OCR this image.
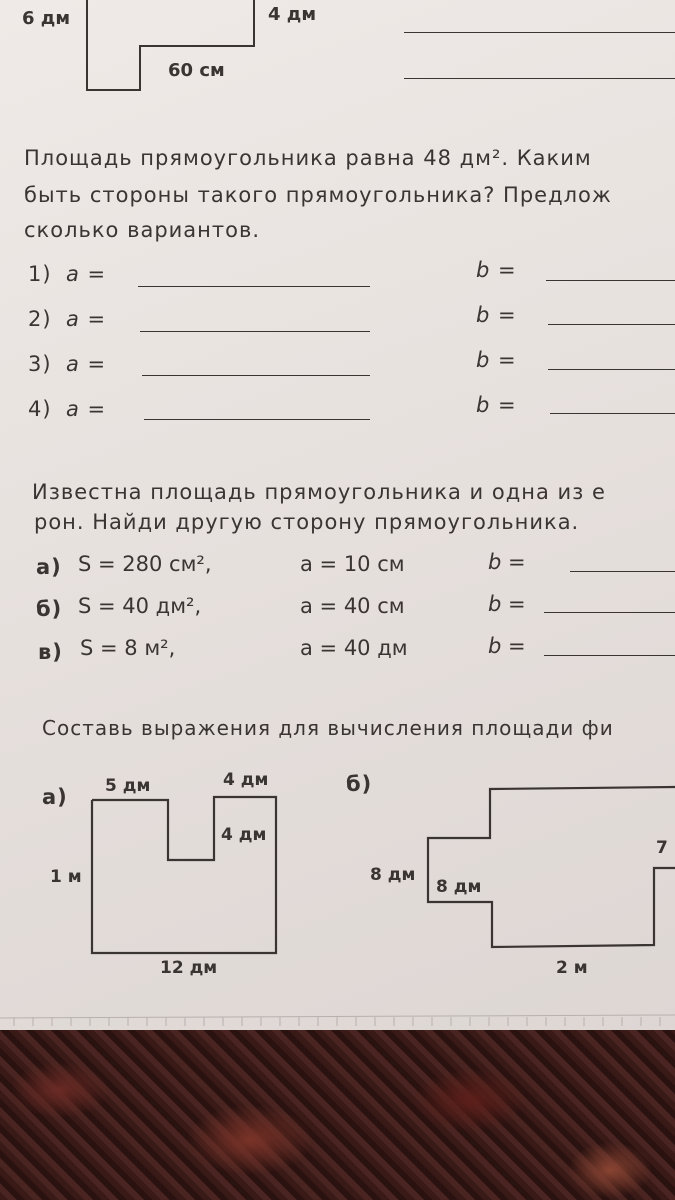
6 дм	4 дм
60 см
Площадь прямоугольника равна 48 дм². Каким
быть стороны такого прямоугольника? Предлож
сколько вариантов.
1) a =	b =
2) a =	b =
3) a =	b =
4) a =	b =
Известна площадь прямоугольника и одна из е
рон. Найди другую сторону прямоугольника.
а) S = 280 см²,	a = 10 см	b =
б) S = 40 дм²,	a = 40 см	b =
в) S = 8 м²,	a = 40 дм	b =
Составь выражения для вычисления площади фи
а) 5 дм	4 дм
4 дм
1 м
12 дм
б)
8 дм
8 дм
7
2 м
